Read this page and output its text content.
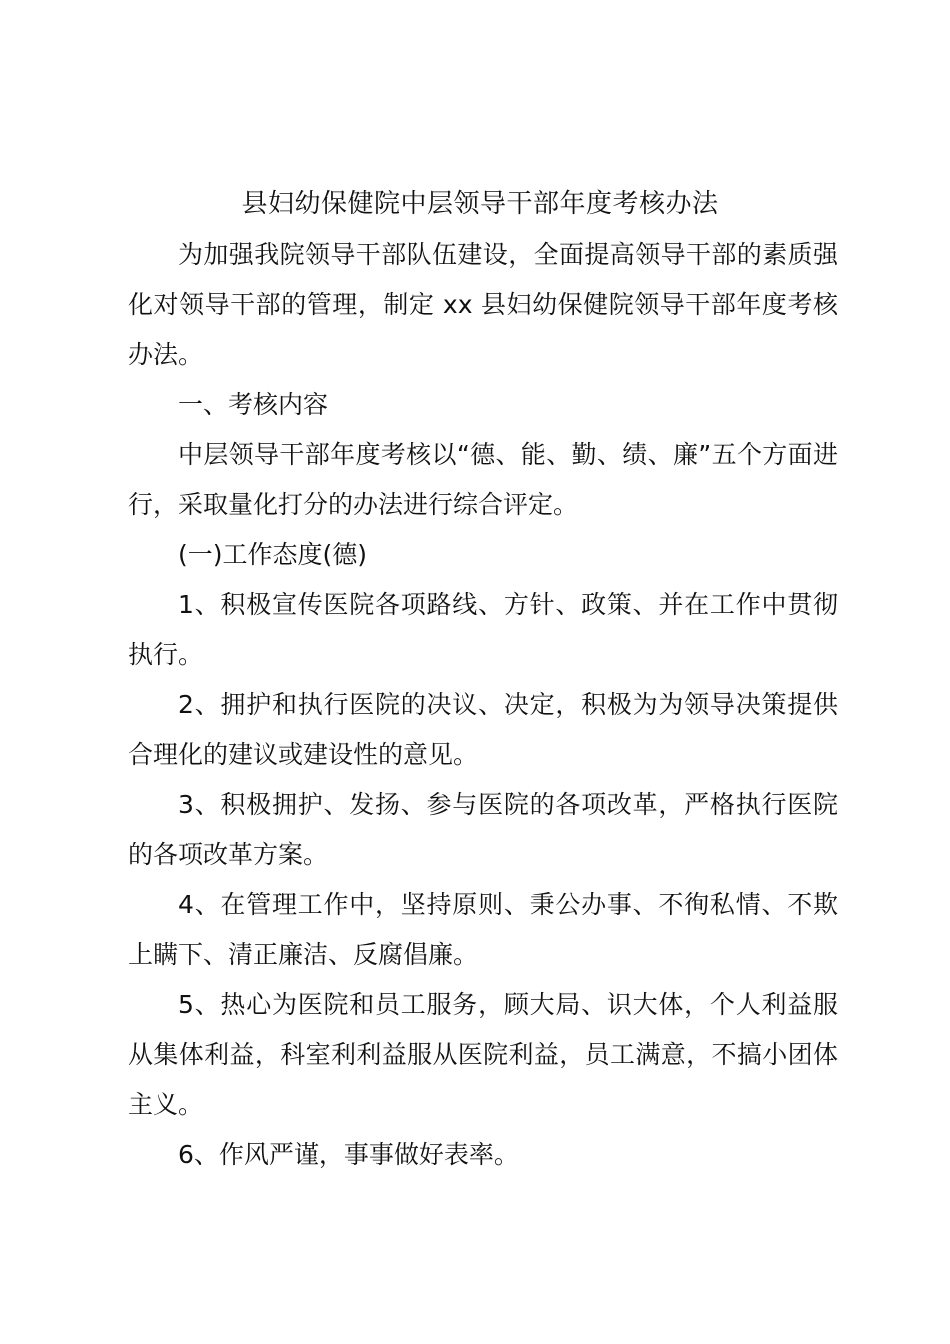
县妇幼保健院中层领导干部年度考核办法

为加强我院领导干部队伍建设，全面提高领导干部的素质强化对领导干部的管理，制定 xx 县妇幼保健院领导干部年度考核办法。

一、考核内容

中层领导干部年度考核以“德、能、勤、绩、廉”五个方面进行，采取量化打分的办法进行综合评定。

(一)工作态度(德)

1、积极宣传医院各项路线、方针、政策、并在工作中贯彻执行。

2、拥护和执行医院的决议、决定，积极为为领导决策提供合理化的建议或建设性的意见。

3、积极拥护、发扬、参与医院的各项改革，严格执行医院的各项改革方案。

4、在管理工作中，坚持原则、秉公办事、不徇私情、不欺上瞒下、清正廉洁、反腐倡廉。

5、热心为医院和员工服务，顾大局、识大体，个人利益服从集体利益，科室利利益服从医院利益，员工满意，不搞小团体主义。

6、作风严谨，事事做好表率。
